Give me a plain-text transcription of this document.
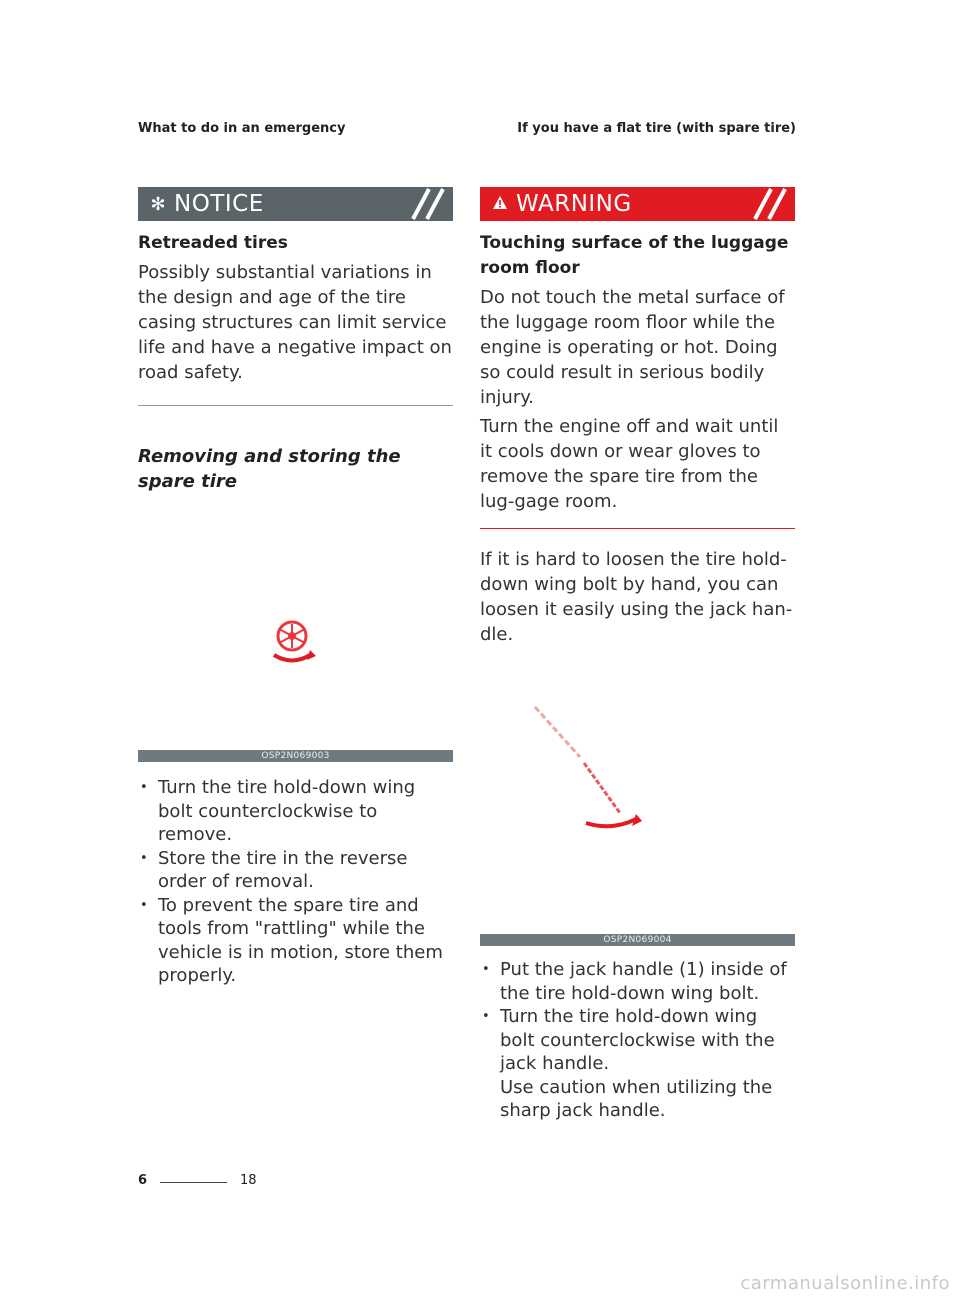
What to do in an emergency	If you have a flat tire (with spare tire)
✻ NOTICE
Retreaded tires

Possibly substantial variations in the design and age of the tire casing structures can limit service life and have a negative impact on road safety.

Removing and storing the spare tire
OSP2N069003
• Turn the tire hold-down wing bolt counterclockwise to remove.
• Store the tire in the reverse order of removal.
• To prevent the spare tire and tools from "rattling" while the vehicle is in motion, store them properly.
WARNING
Touching surface of the luggage room floor

Do not touch the metal surface of the luggage room floor while the engine is operating or hot. Doing so could result in serious bodily injury.

Turn the engine off and wait until it cools down or wear gloves to remove the spare tire from the lug-gage room.

If it is hard to loosen the tire hold-down wing bolt by hand, you can loosen it easily using the jack han-dle.

OSP2N069004
• Put the jack handle (1) inside of the tire hold-down wing bolt.
• Turn the tire hold-down wing bolt counterclockwise with the jack handle.
Use caution when utilizing the sharp jack handle.
6	18
carmanualsonline.info
